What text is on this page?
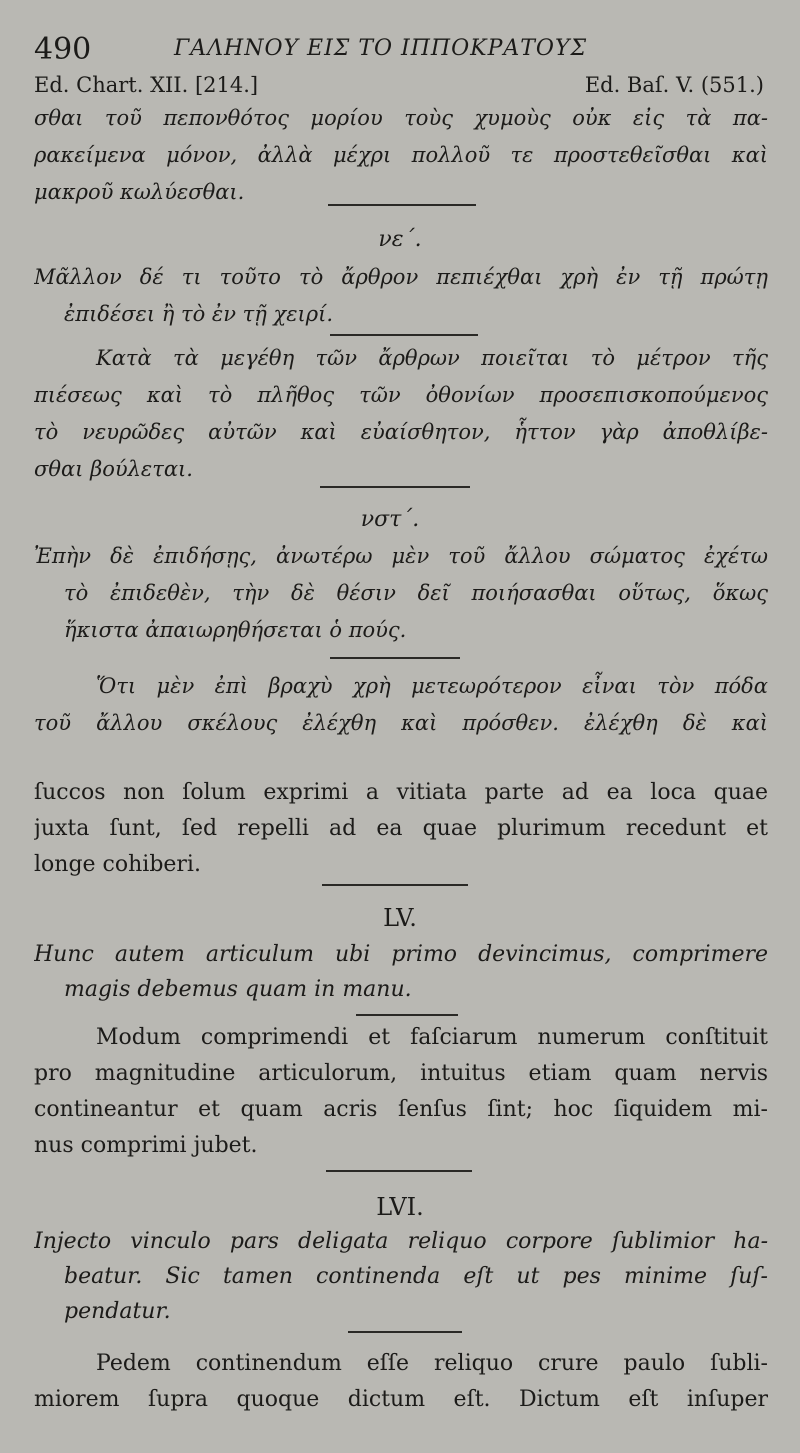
490	ΓΑΛΗΝΟΥ ΕΙΣ ΤΟ ΙΠΠΟΚΡΑΤΟΥΣ
Ed. Chart. XII. [214.]	Ed. Baſ. V. (551.)
σθαι τοῦ πεπονθότος μορίου τοὺς χυμοὺς οὐκ εἰς τὰ πα-
ρακείμενα μόνον, ἀλλὰ μέχρι πολλοῦ τε προστεθεῖσθαι καὶ
μακροῦ κωλύεσθαι.
νε΄.
Μᾶλλον δέ τι τοῦτο τὸ ἄρθρον πεπιέχθαι χρὴ ἐν τῇ πρώτῃ
ἐπιδέσει ἢ τὸ ἐν τῇ χειρί.
Κατὰ τὰ μεγέθη τῶν ἄρθρων ποιεῖται τὸ μέτρον τῆς
πιέσεως καὶ τὸ πλῆθος τῶν ὀθονίων προσεπισκοπούμενος
τὸ νευρῶδες αὐτῶν καὶ εὐαίσθητον, ἧττον γὰρ ἀποθλίβε-
σθαι βούλεται.
νστ΄.
Ἐπὴν δὲ ἐπιδήσῃς, ἀνωτέρω μὲν τοῦ ἄλλου σώματος ἐχέτω
τὸ ἐπιδεθὲν, τὴν δὲ θέσιν δεῖ ποιήσασθαι οὕτως, ὅκως
ἥκιστα ἀπαιωρηθήσεται ὁ πούς.
Ὅτι μὲν ἐπὶ βραχὺ χρὴ μετεωρότερον εἶναι τὸν πόδα
τοῦ ἄλλου σκέλους ἐλέχθη καὶ πρόσθεν. ἐλέχθη δὲ καὶ
ſuccos non ſolum exprimi a vitiata parte ad ea loca quae
juxta ſunt, ſed repelli ad ea quae plurimum recedunt et
longe cohiberi.
LV.
Hunc autem articulum ubi primo devincimus, comprimere
magis debemus quam in manu.
Modum comprimendi et faſciarum numerum conſtituit
pro magnitudine articulorum, intuitus etiam quam nervis
contineantur et quam acris ſenſus ſint; hoc ſiquidem mi-
nus comprimi jubet.
LVI.
Injecto vinculo pars deligata reliquo corpore ſublimior ha-
beatur. Sic tamen continenda eſt ut pes minime ſuſ-
pendatur.
Pedem continendum eſſe reliquo crure paulo ſubli-
miorem ſupra quoque dictum eſt. Dictum eſt inſuper
